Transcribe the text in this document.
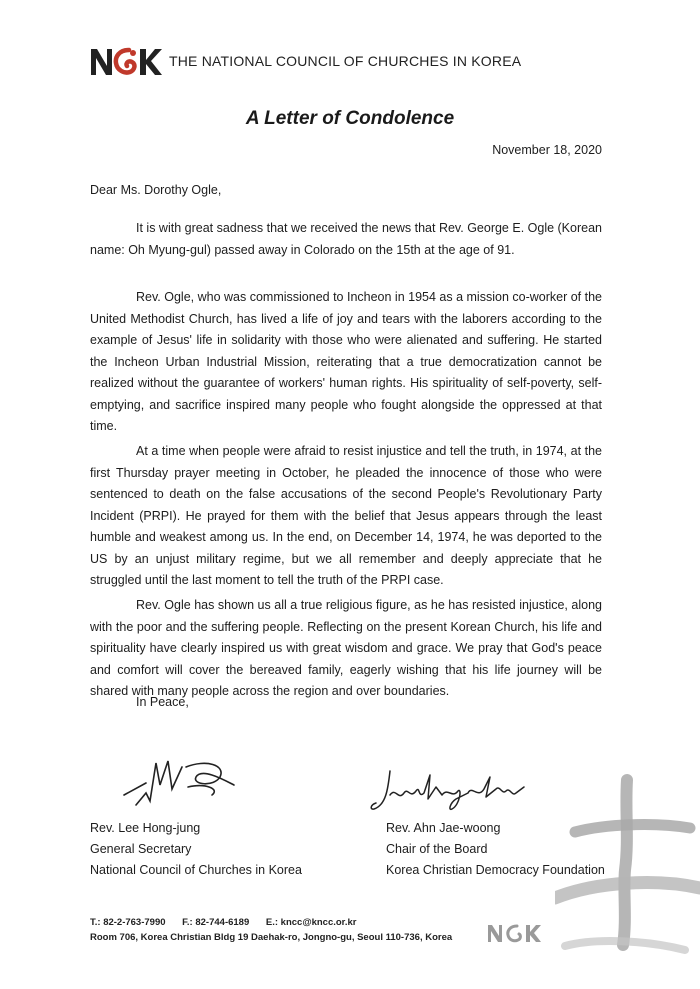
THE NATIONAL COUNCIL OF CHURCHES IN KOREA
A Letter of Condolence
November 18, 2020
Dear Ms. Dorothy Ogle,

It is with great sadness that we received the news that Rev. George E. Ogle (Korean name: Oh Myung-gul) passed away in Colorado on the 15th at the age of 91.

Rev. Ogle, who was commissioned to Incheon in 1954 as a mission co-worker of the United Methodist Church, has lived a life of joy and tears with the laborers according to the example of Jesus' life in solidarity with those who were alienated and suffering. He started the Incheon Urban Industrial Mission, reiterating that a true democratization cannot be realized without the guarantee of workers' human rights. His spirituality of self-poverty, self-emptying, and sacrifice inspired many people who fought alongside the oppressed at that time.

At a time when people were afraid to resist injustice and tell the truth, in 1974, at the first Thursday prayer meeting in October, he pleaded the innocence of those who were sentenced to death on the false accusations of the second People's Revolutionary Party Incident (PRPI). He prayed for them with the belief that Jesus appears through the least humble and weakest among us. In the end, on December 14, 1974, he was deported to the US by an unjust military regime, but we all remember and deeply appreciate that he struggled until the last moment to tell the truth of the PRPI case.

Rev. Ogle has shown us all a true religious figure, as he has resisted injustice, along with the poor and the suffering people. Reflecting on the present Korean Church, his life and spirituality have clearly inspired us with great wisdom and grace. We pray that God's peace and comfort will cover the bereaved family, eagerly wishing that his life journey will be shared with many people across the region and over boundaries.

In Peace,
Rev. Lee Hong-jung
General Secretary
National Council of Churches in Korea
Rev. Ahn Jae-woong
Chair of the Board
Korea Christian Democracy Foundation
T.: 82-2-763-7990 F.: 82-744-6189 E.: kncc@kncc.or.kr
Room 706, Korea Christian Bldg 19 Daehak-ro, Jongno-gu, Seoul 110-736, Korea
